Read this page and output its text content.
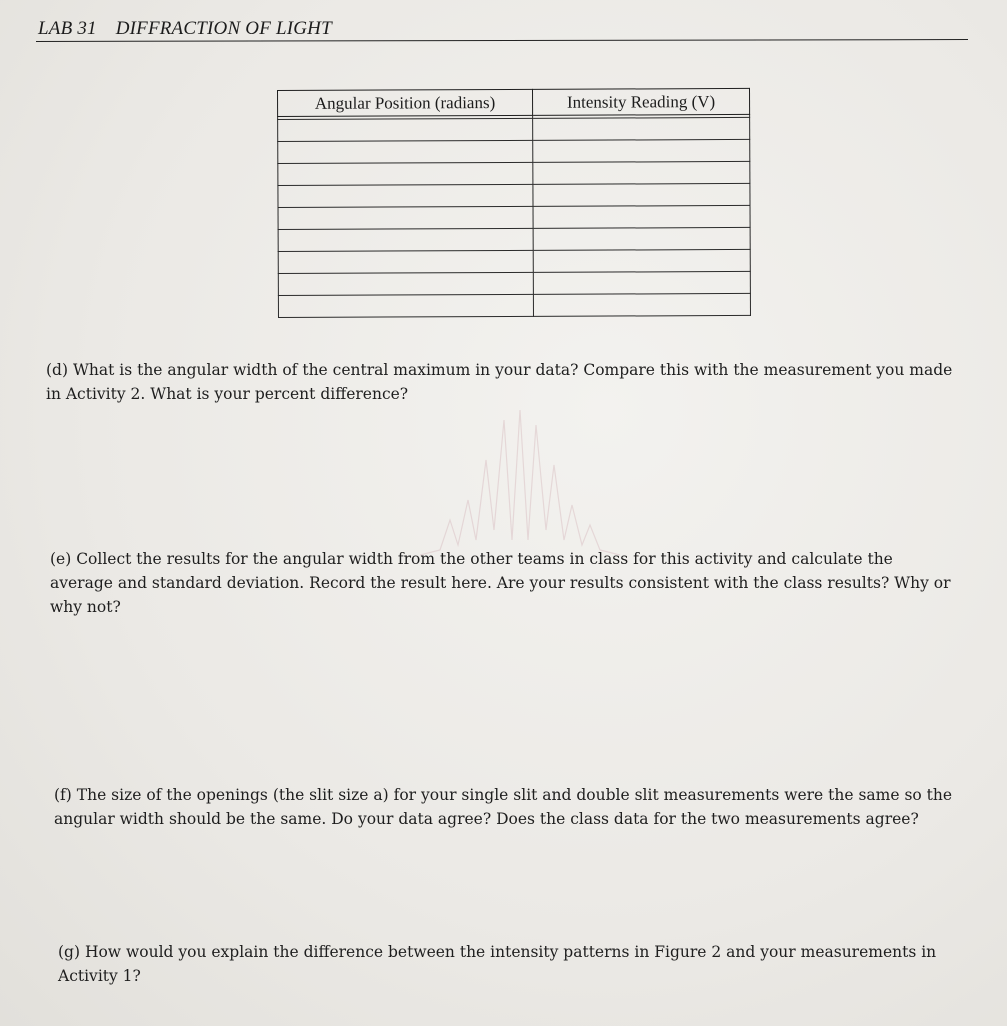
LAB 31 DIFFRACTION OF LIGHT
Angular Position (radians)	Intensity Reading (V)

(d) What is the angular width of the central maximum in your data? Compare this with the measurement you made in Activity 2. What is your percent difference?
(e) Collect the results for the angular width from the other teams in class for this activity and calculate the average and standard deviation. Record the result here. Are your results consistent with the class results? Why or why not?
(f) The size of the openings (the slit size a) for your single slit and double slit measurements were the same so the angular width should be the same. Do your data agree? Does the class data for the two measurements agree?
(g) How would you explain the difference between the intensity patterns in Figure 2 and your measurements in Activity 1?
